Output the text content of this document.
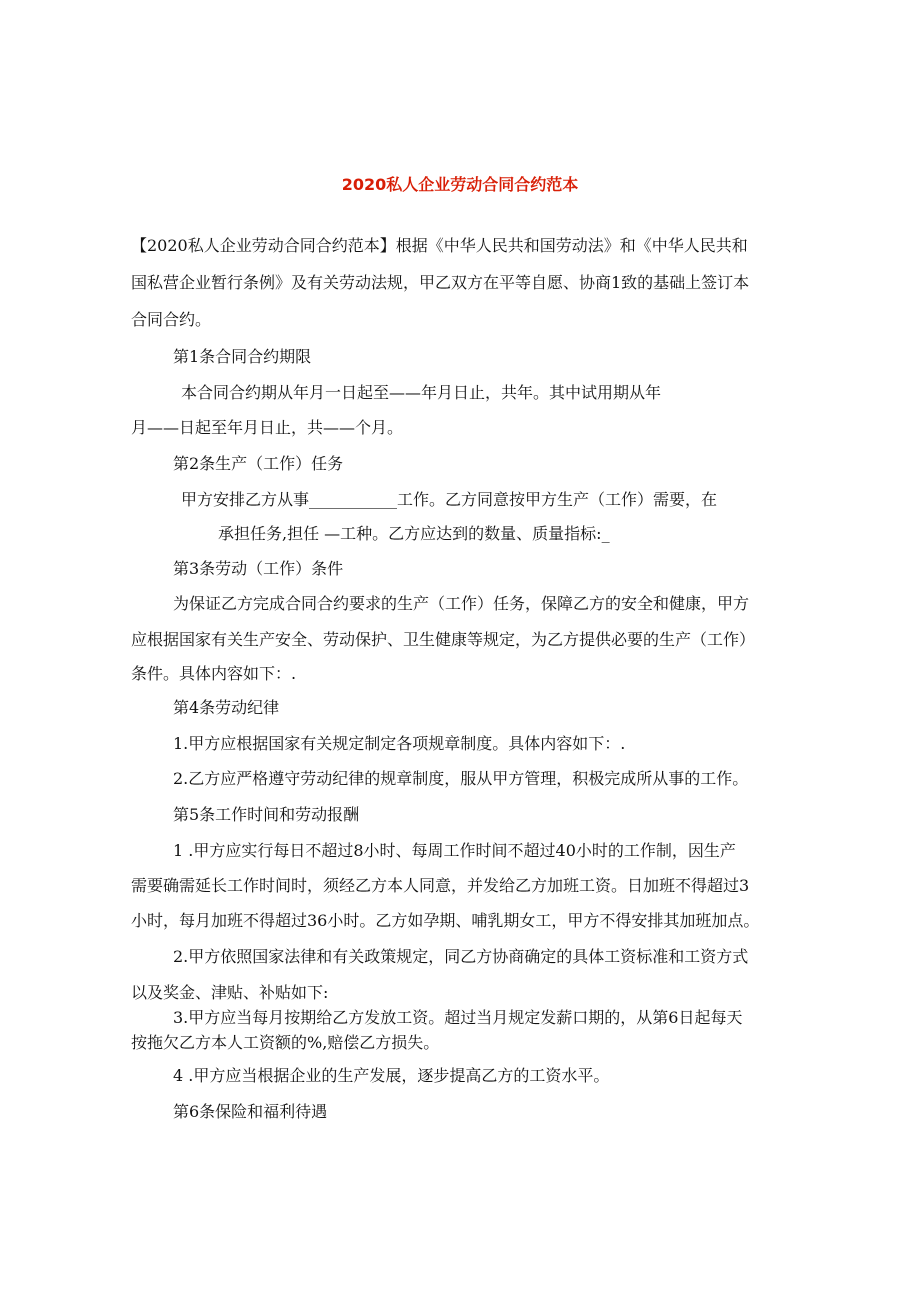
2020私人企业劳动合同合约范本
【2020私人企业劳动合同合约范本】根据《中华人民共和国劳动法》和《中华人民共和
国私营企业暂行条例》及有关劳动法规，甲乙双方在平等自愿、协商1致的基础上签订本
合同合约。
第1条合同合约期限
本合同合约期从年月一日起至——年月日止，共年。其中试用期从年
月——日起至年月日止，共——个月。
第2条生产（工作）任务
甲方安排乙方从事___________工作。乙方同意按甲方生产（工作）需要，在
承担任务,担任 —工种。乙方应达到的数量、质量指标:_
第3条劳动（工作）条件
为保证乙方完成合同合约要求的生产（工作）任务，保障乙方的安全和健康，甲方
应根据国家有关生产安全、劳动保护、卫生健康等规定，为乙方提供必要的生产（工作）
条件。具体内容如下：.
第4条劳动纪律
1.甲方应根据国家有关规定制定各项规章制度。具体内容如下：.
2.乙方应严格遵守劳动纪律的规章制度，服从甲方管理，积极完成所从事的工作。
第5条工作时间和劳动报酬
1 .甲方应实行每日不超过8小时、每周工作时间不超过40小时的工作制，因生产
需要确需延长工作时间时，须经乙方本人同意，并发给乙方加班工资。日加班不得超过3
小时，每月加班不得超过36小时。乙方如孕期、哺乳期女工，甲方不得安排其加班加点。
2.甲方依照国家法律和有关政策规定，同乙方协商确定的具体工资标准和工资方式
以及奖金、津贴、补贴如下:
3.甲方应当每月按期给乙方发放工资。超过当月规定发薪口期的，从第6日起每天
按拖欠乙方本人工资额的%,赔偿乙方损失。
4 .甲方应当根据企业的生产发展，逐步提高乙方的工资水平。
第6条保险和福利待遇
